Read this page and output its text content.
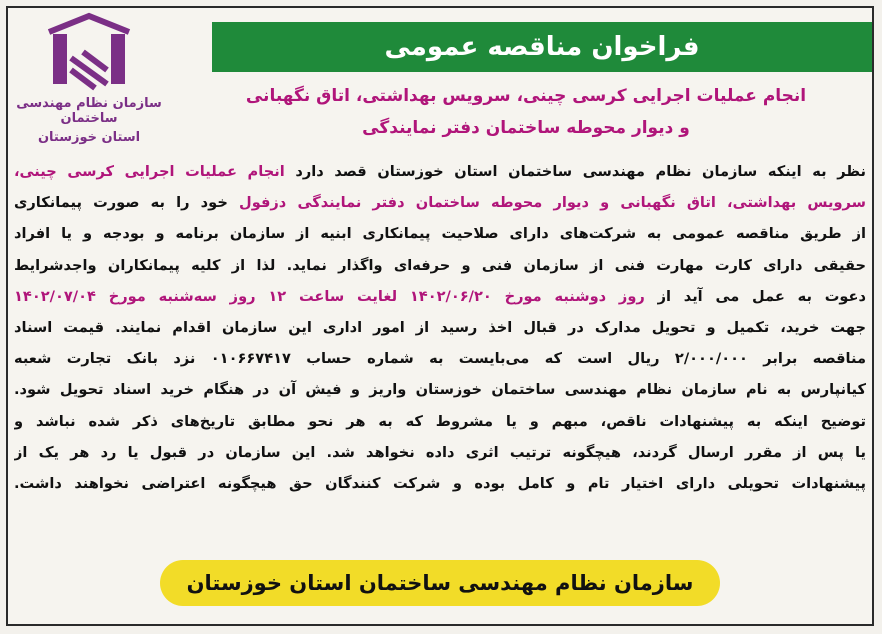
سازمان نظام مهندسی ساختمان
استان خوزستان
فراخوان مناقصه عمومی
انجام عملیات اجرایی کرسی چینی، سرویس بهداشتی، اتاق نگهبانی
و دیوار محوطه ساختمان دفتر نمایندگی
نظر به اینکه سازمان نظام مهندسی ساختمان استان خوزستان قصد دارد انجام عملیات اجرایی کرسی چینی،
سرویس بهداشتی، اتاق نگهبانی و دیوار محوطه ساختمان دفتر نمایندگی دزفول خود را به صورت پیمانکاری
از طریق مناقصه عمومی به شرکت‌های دارای صلاحیت پیمانکاری ابنیه از سازمان برنامه و بودجه و یا افراد
حقیقی دارای کارت مهارت فنی از سازمان فنی و حرفه‌ای واگذار نماید. لذا از کلیه پیمانکاران واجدشرایط
دعوت به عمل می آید از روز دوشنبه مورخ ۱۴۰۲/۰۶/۲۰ لغایت ساعت ۱۲ روز سه‌شنبه مورخ ۱۴۰۲/۰۷/۰۴
جهت خرید، تکمیل و تحویل مدارک در قبال اخذ رسید از امور اداری این سازمان اقدام نمایند. قیمت اسناد
مناقصه برابر ۲/۰۰۰/۰۰۰ ریال است که می‌بایست به شماره حساب ۰۱۰۶۶۷۴۱۷ نزد بانک تجارت شعبه
کیانپارس به نام سازمان نظام مهندسی ساختمان خوزستان واریز و فیش آن در هنگام خرید اسناد تحویل شود.
توضیح اینکه به پیشنهادات ناقص، مبهم و یا مشروط که به هر نحو مطابق تاریخ‌های ذکر شده نباشد و
یا پس از مقرر ارسال گردند، هیچگونه ترتیب اثری داده نخواهد شد. این سازمان در قبول یا رد هر یک از
پیشنهادات تحویلی دارای اختیار تام و کامل بوده و شرکت کنندگان حق هیچگونه اعتراضی نخواهند داشت.
سازمان نظام مهندسی ساختمان استان خوزستان
